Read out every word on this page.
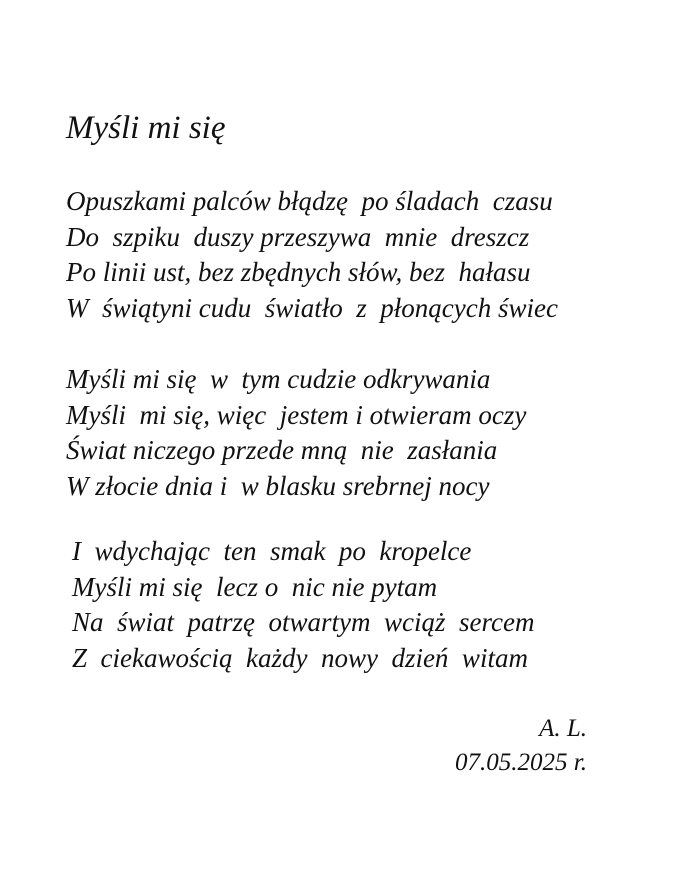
Myśli mi się
Opuszkami palców błądzę  po śladach  czasu
Do  szpiku  duszy przeszywa  mnie  dreszcz
Po linii ust, bez zbędnych słów, bez  hałasu
W  świątyni cudu  światło  z  płonących świec
Myśli mi się  w  tym cudzie odkrywania
Myśli  mi się, więc  jestem i otwieram oczy
Świat niczego przede mną  nie  zasłania
W złocie dnia i  w blasku srebrnej nocy
I  wdychając  ten  smak  po  kropelce
Myśli mi się  lecz o  nic nie pytam
Na  świat  patrzę  otwartym  wciąż  sercem
Z  ciekawością  każdy  nowy  dzień  witam
A. L.
07.05.2025 r.
